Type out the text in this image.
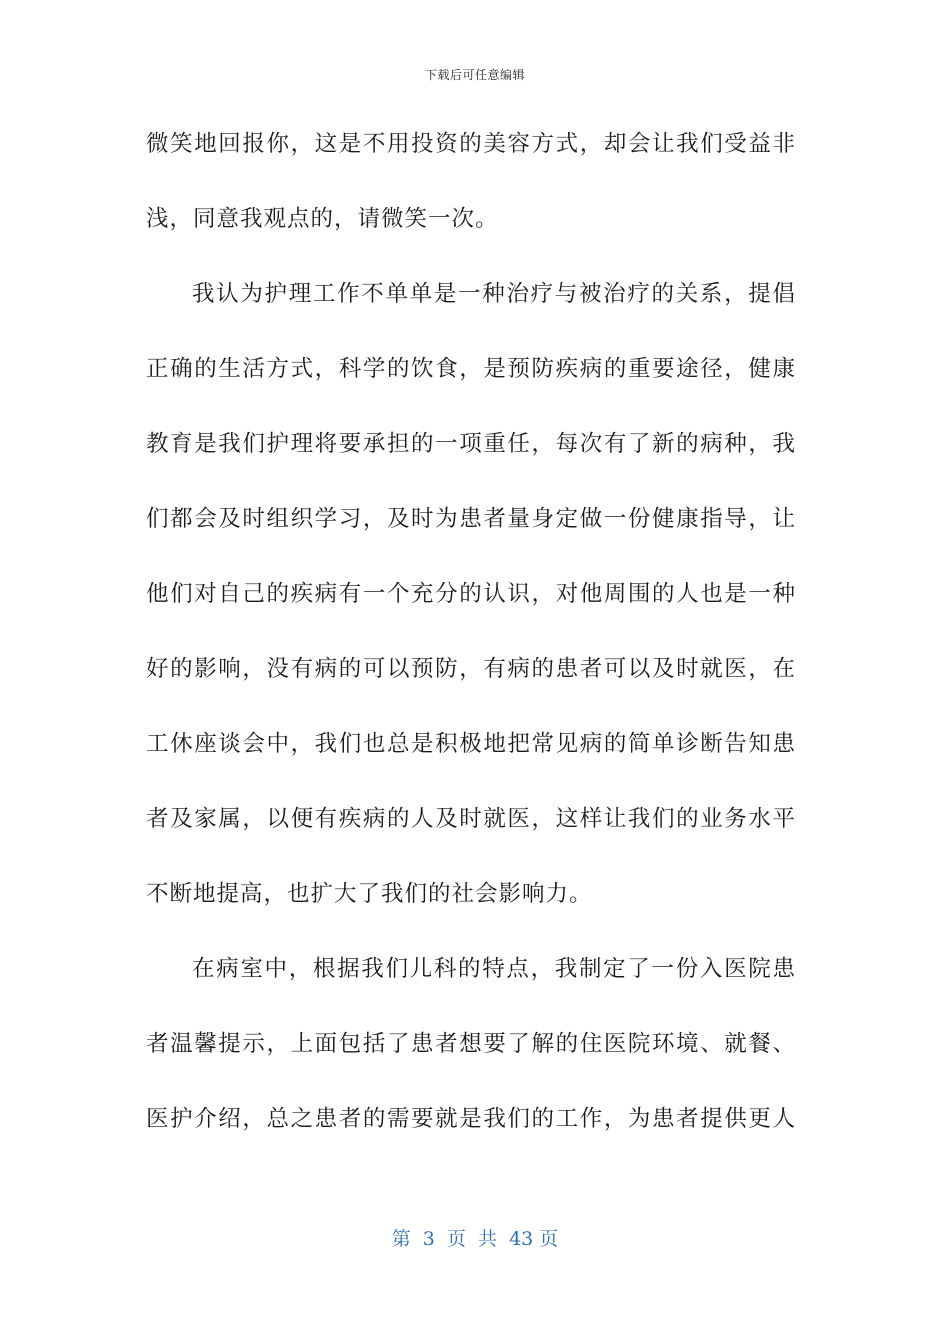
下载后可任意编辑
微笑地回报你，这是不用投资的美容方式，却会让我们受益非
浅，同意我观点的，请微笑一次。
我认为护理工作不单单是一种治疗与被治疗的关系，提倡
正确的生活方式，科学的饮食，是预防疾病的重要途径，健康
教育是我们护理将要承担的一项重任，每次有了新的病种，我
们都会及时组织学习，及时为患者量身定做一份健康指导，让
他们对自己的疾病有一个充分的认识，对他周围的人也是一种
好的影响，没有病的可以预防，有病的患者可以及时就医，在
工休座谈会中，我们也总是积极地把常见病的简单诊断告知患
者及家属，以便有疾病的人及时就医，这样让我们的业务水平
不断地提高，也扩大了我们的社会影响力。
在病室中，根据我们儿科的特点，我制定了一份入医院患
者温馨提示，上面包括了患者想要了解的住医院环境、就餐、
医护介绍，总之患者的需要就是我们的工作，为患者提供更人
第 3 页 共 43 页
